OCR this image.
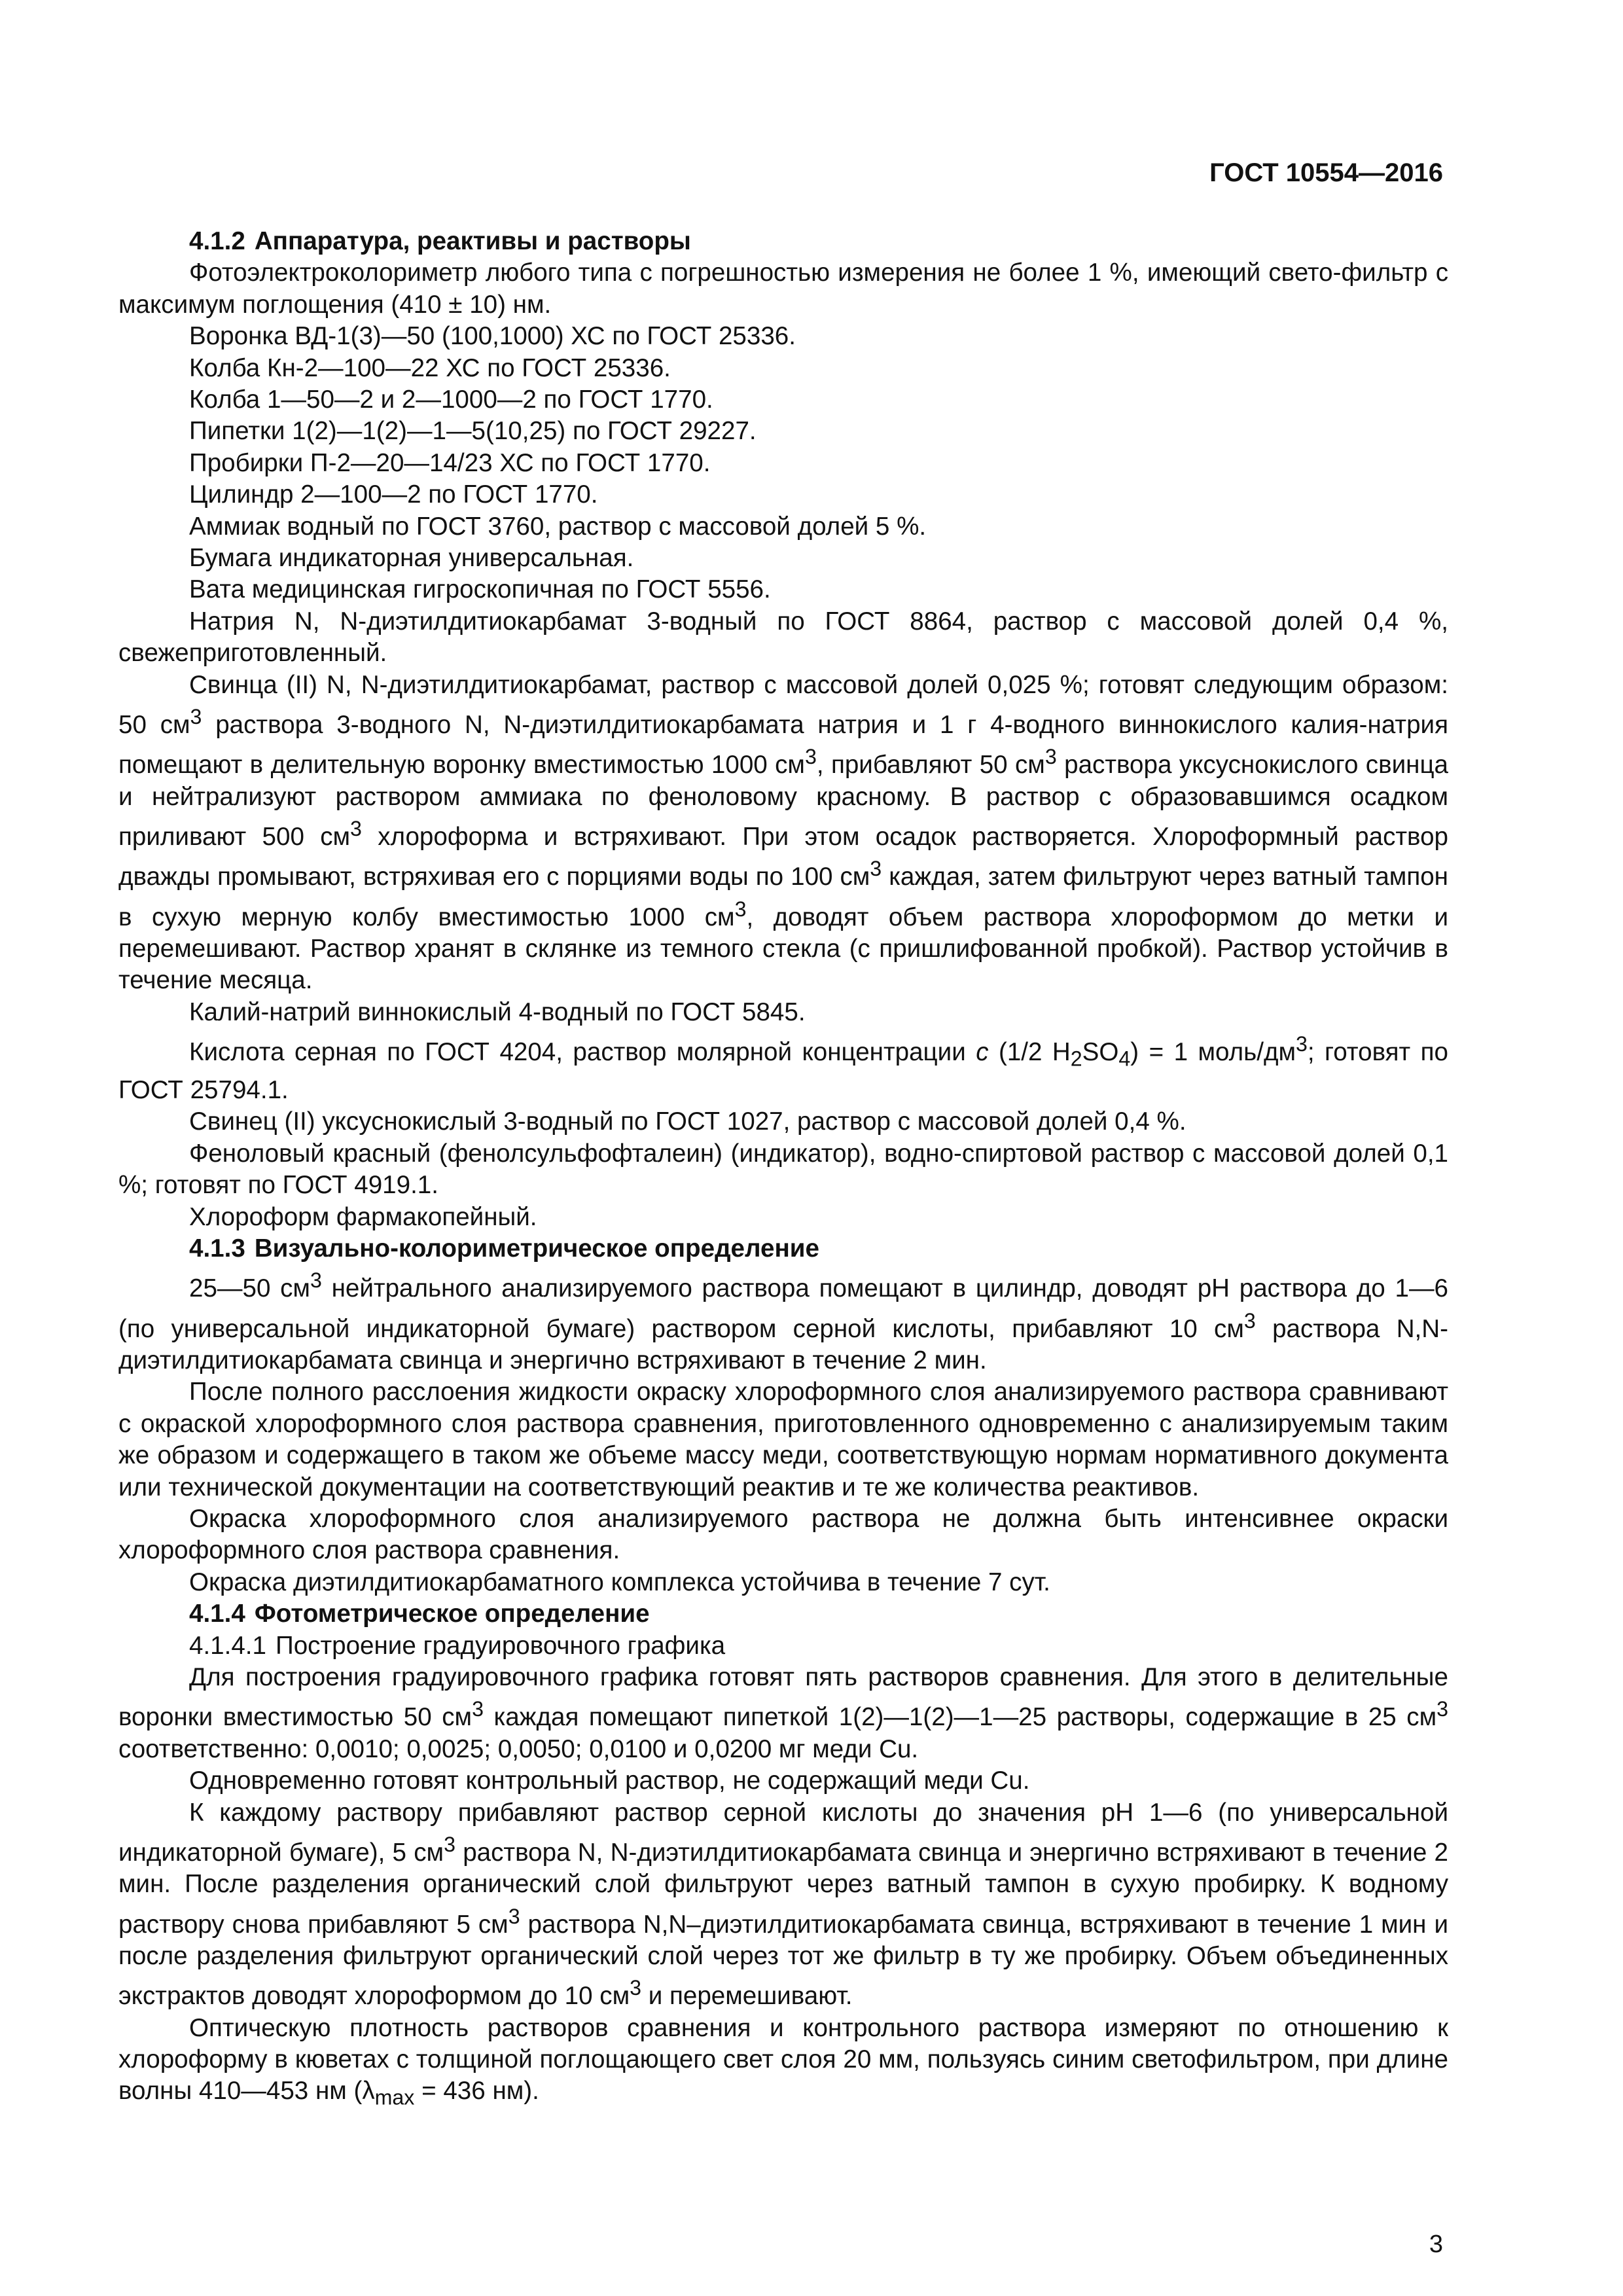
ГОСТ 10554—2016
4.1.2 Аппаратура, реактивы и растворы

Фотоэлектроколориметр любого типа с погрешностью измерения не более 1 %, имеющий свето-фильтр с максимум поглощения (410 ± 10) нм.

Воронка ВД-1(3)—50 (100,1000) ХС по ГОСТ 25336.

Колба Кн-2—100—22 ХС по ГОСТ 25336.

Колба 1—50—2 и 2—1000—2 по ГОСТ 1770.

Пипетки 1(2)—1(2)—1—5(10,25) по ГОСТ 29227.

Пробирки П-2—20—14/23 ХС по ГОСТ 1770.

Цилиндр 2—100—2 по ГОСТ 1770.

Аммиак водный по ГОСТ 3760, раствор с массовой долей 5 %.

Бумага индикаторная универсальная.

Вата медицинская гигроскопичная по ГОСТ 5556.

Натрия N, N-диэтилдитиокарбамат 3-водный по ГОСТ 8864, раствор с массовой долей 0,4 %, свежеприготовленный.

Свинца (II) N, N-диэтилдитиокарбамат, раствор с массовой долей 0,025 %; готовят следующим образом: 50 $см^3$ раствора 3-водного N, N-диэтилдитиокарбамата натрия и 1 г 4-водного виннокислого калия-натрия помещают в делительную воронку вместимостью 1000 $см^3$, прибавляют 50 $см^3$ раствора уксуснокислого свинца и нейтрализуют раствором аммиака по феноловому красному. В раствор с образовавшимся осадком приливают 500 $см^3$ хлороформа и встряхивают. При этом осадок растворяется. Хлороформный раствор дважды промывают, встряхивая его с порциями воды по 100 $см^3$ каждая, затем фильтруют через ватный тампон в сухую мерную колбу вместимостью 1000 $см^3$, доводят объем раствора хлороформом до метки и перемешивают. Раствор хранят в склянке из темного стекла (с пришлифованной пробкой). Раствор устойчив в течение месяца.

Калий-натрий виннокислый 4-водный по ГОСТ 5845.

Кислота серная по ГОСТ 4204, раствор молярной концентрации c (1/2 $H_2SO_4) = 1$ моль/$дм^3$; готовят по ГОСТ 25794.1.

Свинец (II) уксуснокислый 3-водный по ГОСТ 1027, раствор с массовой долей 0,4 %.

Феноловый красный (фенолсульфофталеин) (индикатор), водно-спиртовой раствор с массовой долей 0,1 %; готовят по ГОСТ 4919.1.

Хлороформ фармакопейный.

4.1.3 Визуально-колориметрическое определение

25—50 $см^3$ нейтрального анализируемого раствора помещают в цилиндр, доводят pH раствора до 1—6 (по универсальной индикаторной бумаге) раствором серной кислоты, прибавляют 10 $см^3$ раствора N,N-диэтилдитиокарбамата свинца и энергично встряхивают в течение 2 мин.

После полного расслоения жидкости окраску хлороформного слоя анализируемого раствора сравнивают с окраской хлороформного слоя раствора сравнения, приготовленного одновременно с анализируемым таким же образом и содержащего в таком же объеме массу меди, соответствующую нормам нормативного документа или технической документации на соответствующий реактив и те же количества реактивов.

Окраска хлороформного слоя анализируемого раствора не должна быть интенсивнее окраски хлороформного слоя раствора сравнения.

Окраска диэтилдитиокарбаматного комплекса устойчива в течение 7 сут.

4.1.4 Фотометрическое определение
4.1.4.1 Построение градуировочного графика

Для построения градуировочного графика готовят пять растворов сравнения. Для этого в делительные воронки вместимостью 50 $см^3$ каждая помещают пипеткой 1(2)—1(2)—1—25 растворы, содержащие в 25 $см^3$ соответственно: 0,0010; 0,0025; 0,0050; 0,0100 и 0,0200 мг меди Cu.

Одновременно готовят контрольный раствор, не содержащий меди Cu.

К каждому раствору прибавляют раствор серной кислоты до значения pH 1—6 (по универсальной индикаторной бумаге), 5 $см^3$ раствора N, N-диэтилдитиокарбамата свинца и энергично встряхивают в течение 2 мин. После разделения органический слой фильтруют через ватный тампон в сухую пробирку. К водному раствору снова прибавляют 5 $см^3$ раствора N,N–диэтилдитиокарбамата свинца, встряхивают в течение 1 мин и после разделения фильтруют органический слой через тот же фильтр в ту же пробирку. Объем объединенных экстрактов доводят хлороформом до 10 $см^3$ и перемешивают.

Оптическую плотность растворов сравнения и контрольного раствора измеряют по отношению к хлороформу в кюветах с толщиной поглощающего свет слоя 20 мм, пользуясь синим светофильтром, при длине волны 410—453 нм ($\lambda_{max} = 436$ нм).

3
